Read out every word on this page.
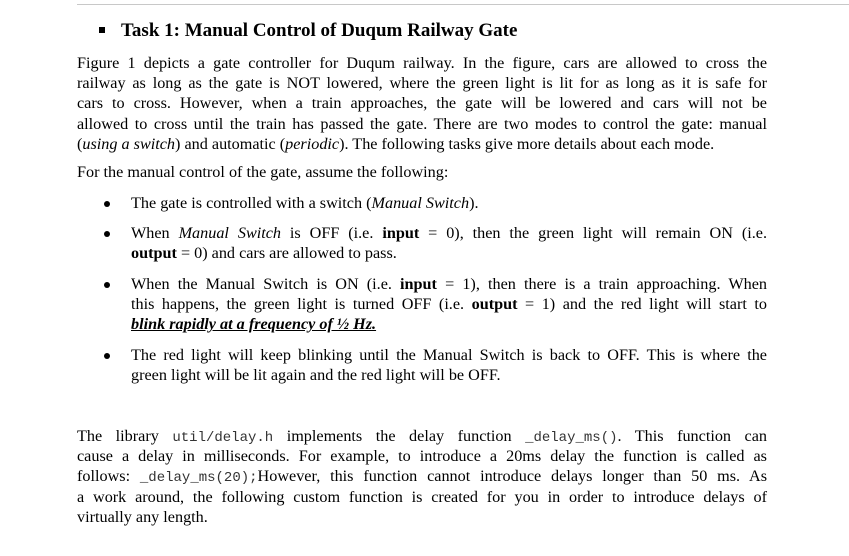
Task 1: Manual Control of Duqum Railway Gate
Figure 1 depicts a gate controller for Duqum railway. In the figure, cars are allowed to cross the
railway as long as the gate is NOT lowered, where the green light is lit for as long as it is safe for
cars to cross. However, when a train approaches, the gate will be lowered and cars will not be
allowed to cross until the train has passed the gate. There are two modes to control the gate: manual
(using a switch) and automatic (periodic). The following tasks give more details about each mode.
For the manual control of the gate, assume the following:
The gate is controlled with a switch (Manual Switch).
When Manual Switch is OFF (i.e. input = 0), then the green light will remain ON (i.e.
output = 0) and cars are allowed to pass.
When the Manual Switch is ON (i.e. input = 1), then there is a train approaching. When
this happens, the green light is turned OFF (i.e. output = 1) and the red light will start to
blink rapidly at a frequency of ½ Hz.
The red light will keep blinking until the Manual Switch is back to OFF. This is where the
green light will be lit again and the red light will be OFF.
The library util/delay.h implements the delay function _delay_ms(). This function can
cause a delay in milliseconds. For example, to introduce a 20ms delay the function is called as
follows: _delay_ms(20);However, this function cannot introduce delays longer than 50 ms. As
a work around, the following custom function is created for you in order to introduce delays of
virtually any length.
